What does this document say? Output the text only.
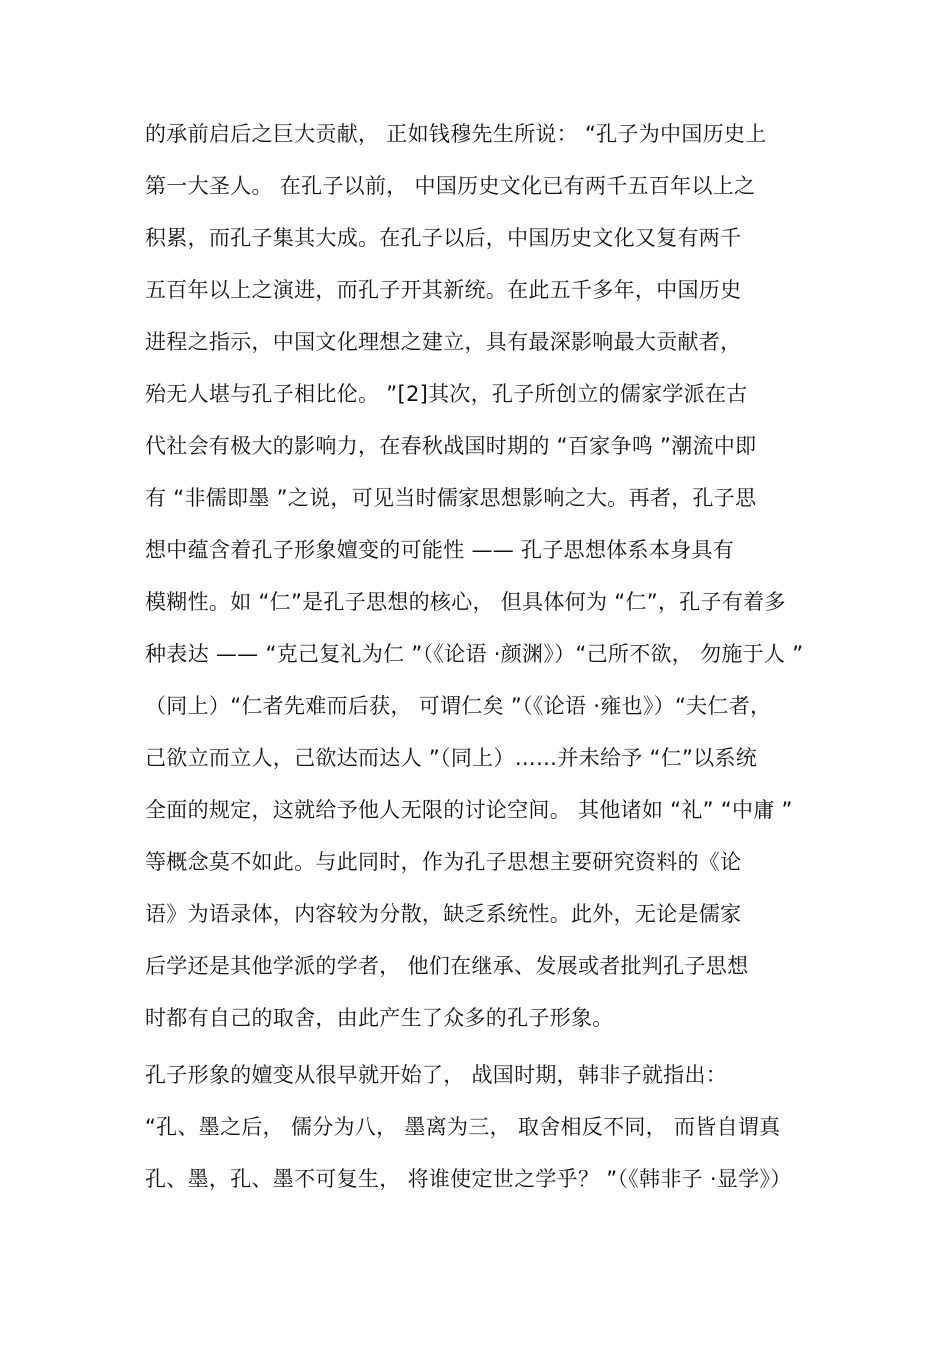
的承前启后之巨大贡献， 正如钱穆先生所说： “孔子为中国历史上
第一大圣人。 在孔子以前， 中国历史文化已有两千五百年以上之
积累，而孔子集其大成。在孔子以后，中国历史文化又复有两千
五百年以上之演进，而孔子开其新统。在此五千多年，中国历史
进程之指示，中国文化理想之建立，具有最深影响最大贡献者，
殆无人堪与孔子相比伦。 ”[2]其次，孔子所创立的儒家学派在古
代社会有极大的影响力，在春秋战国时期的 “百家争鸣 ”潮流中即
有 “非儒即墨 ”之说，可见当时儒家思想影响之大。再者，孔子思
想中蕴含着孔子形象嬗变的可能性 —— 孔子思想体系本身具有
模糊性。如 “仁”是孔子思想的核心， 但具体何为 “仁”，孔子有着多
种表达 —— “克己复礼为仁 ”（《论语 ·颜渊》）“己所不欲， 勿施于人 ”
（同上）“仁者先难而后获， 可谓仁矣 ”（《论语 ·雍也》）“夫仁者，
己欲立而立人，己欲达而达人 ”（同上）……并未给予 “仁”以系统
全面的规定，这就给予他人无限的讨论空间。 其他诸如 “礼” “中庸 ”
等概念莫不如此。与此同时，作为孔子思想主要研究资料的《论
语》为语录体，内容较为分散，缺乏系统性。此外，无论是儒家
后学还是其他学派的学者， 他们在继承、发展或者批判孔子思想
时都有自己的取舍，由此产生了众多的孔子形象。
孔子形象的嬗变从很早就开始了， 战国时期，韩非子就指出：
“孔、墨之后， 儒分为八， 墨离为三， 取舍相反不同， 而皆自谓真
孔、墨，孔、墨不可复生， 将谁使定世之学乎？ ”（《韩非子 ·显学》）
